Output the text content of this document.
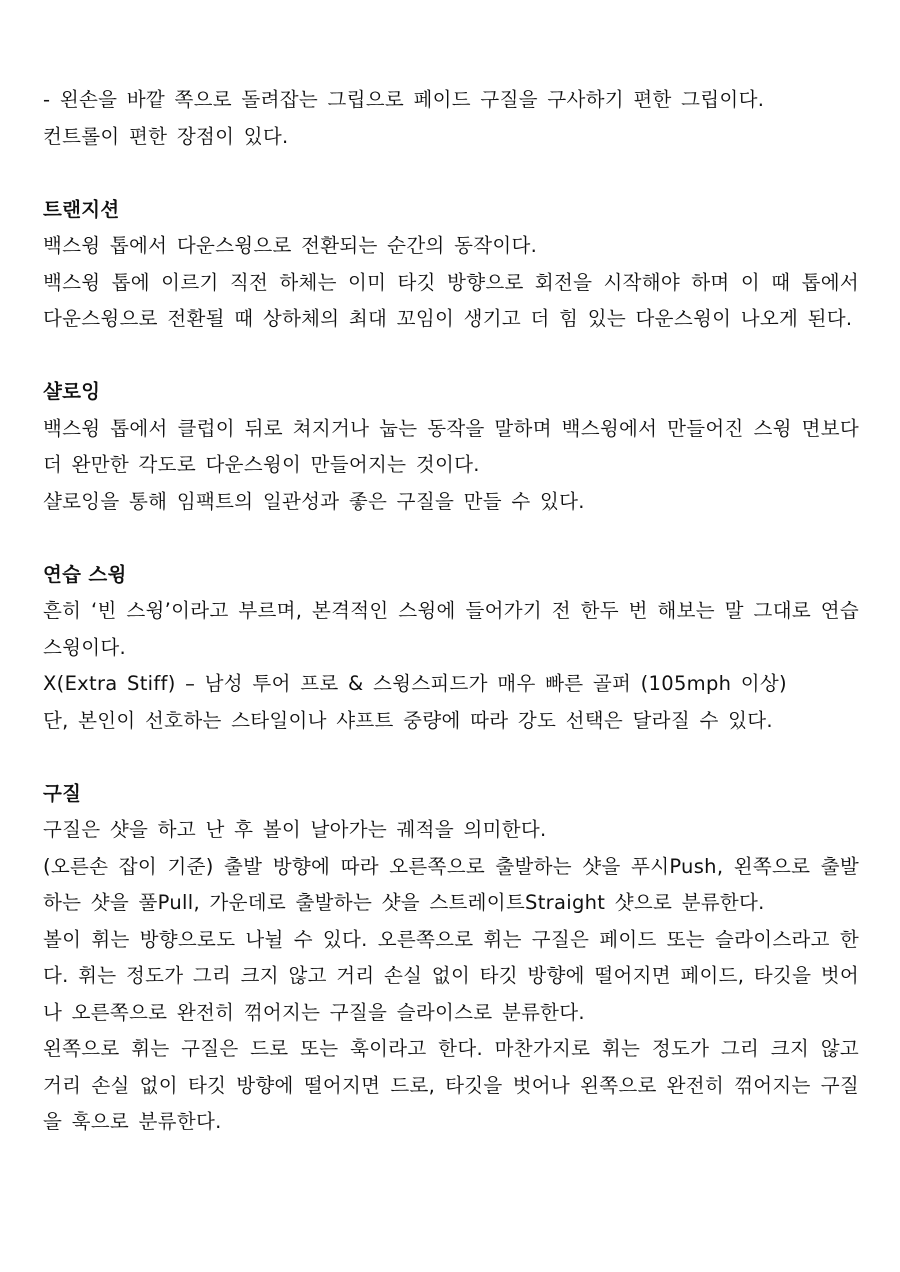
- 왼손을 바깥 쪽으로 돌려잡는 그립으로 페이드 구질을 구사하기 편한 그립이다.

컨트롤이 편한 장점이 있다.

트랜지션

백스윙 톱에서 다운스윙으로 전환되는 순간의 동작이다.

백스윙 톱에 이르기 직전 하체는 이미 타깃 방향으로 회전을 시작해야 하며 이 때 톱에서 다운스윙으로 전환될 때 상하체의 최대 꼬임이 생기고 더 힘 있는 다운스윙이 나오게 된다.

샬로잉

백스윙 톱에서 클럽이 뒤로 쳐지거나 눕는 동작을 말하며 백스윙에서 만들어진 스윙 면보다 더 완만한 각도로 다운스윙이 만들어지는 것이다.

샬로잉을 통해 임팩트의 일관성과 좋은 구질을 만들 수 있다.

연습 스윙

흔히 ‘빈 스윙’이라고 부르며, 본격적인 스윙에 들어가기 전 한두 번 해보는 말 그대로 연습 스윙이다.

X(Extra Stiff) – 남성 투어 프로 & 스윙스피드가 매우 빠른 골퍼 (105mph 이상)

단, 본인이 선호하는 스타일이나 샤프트 중량에 따라 강도 선택은 달라질 수 있다.

구질

구질은 샷을 하고 난 후 볼이 날아가는 궤적을 의미한다.

(오른손 잡이 기준) 출발 방향에 따라 오른쪽으로 출발하는 샷을 푸시Push, 왼쪽으로 출발하는 샷을 풀Pull, 가운데로 출발하는 샷을 스트레이트Straight 샷으로 분류한다.

볼이 휘는 방향으로도 나뉠 수 있다. 오른쪽으로 휘는 구질은 페이드 또는 슬라이스라고 한다. 휘는 정도가 그리 크지 않고 거리 손실 없이 타깃 방향에 떨어지면 페이드, 타깃을 벗어나 오른쪽으로 완전히 꺾어지는 구질을 슬라이스로 분류한다.

왼쪽으로 휘는 구질은 드로 또는 훅이라고 한다. 마찬가지로 휘는 정도가 그리 크지 않고 거리 손실 없이 타깃 방향에 떨어지면 드로, 타깃을 벗어나 왼쪽으로 완전히 꺾어지는 구질을 훅으로 분류한다.
